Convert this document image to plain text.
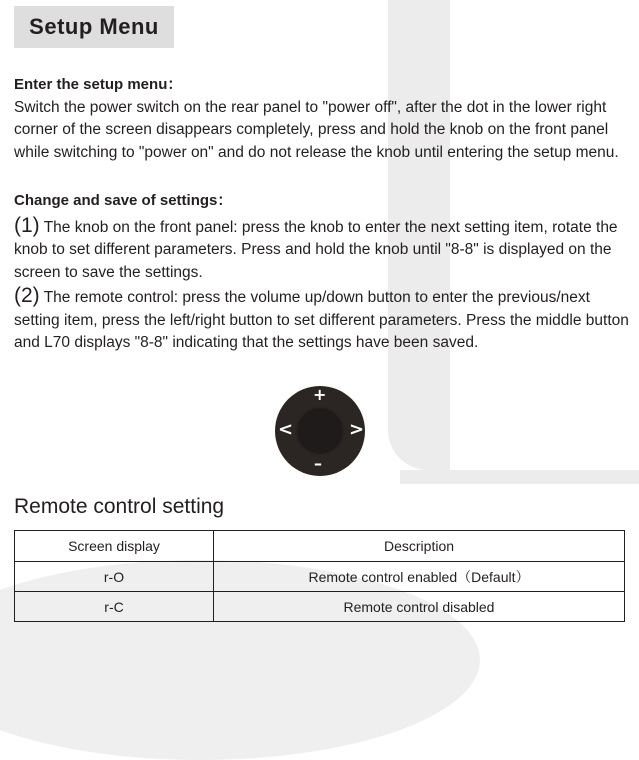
Setup Menu
Enter the setup menu：
Switch the power switch on the rear panel to "power off", after the dot in the lower right corner of the screen disappears completely, press and hold the knob on the front panel while switching to "power on" and do not release the knob until entering the setup menu.
Change and save of settings：
(1) The knob on the front panel: press the knob to enter the next setting item, rotate the knob to set different parameters. Press and hold the knob until "8-8" is displayed on the screen to save the settings.
(2) The remote control: press the volume up/down button to enter the previous/next setting item, press the left/right button to set different parameters. Press the middle button and L70 displays "8-8" indicating that the settings have been saved.
+
–
<	>
Remote control setting
Screen display	Description
r-O	Remote control enabled（Default）
r-C	Remote control disabled
